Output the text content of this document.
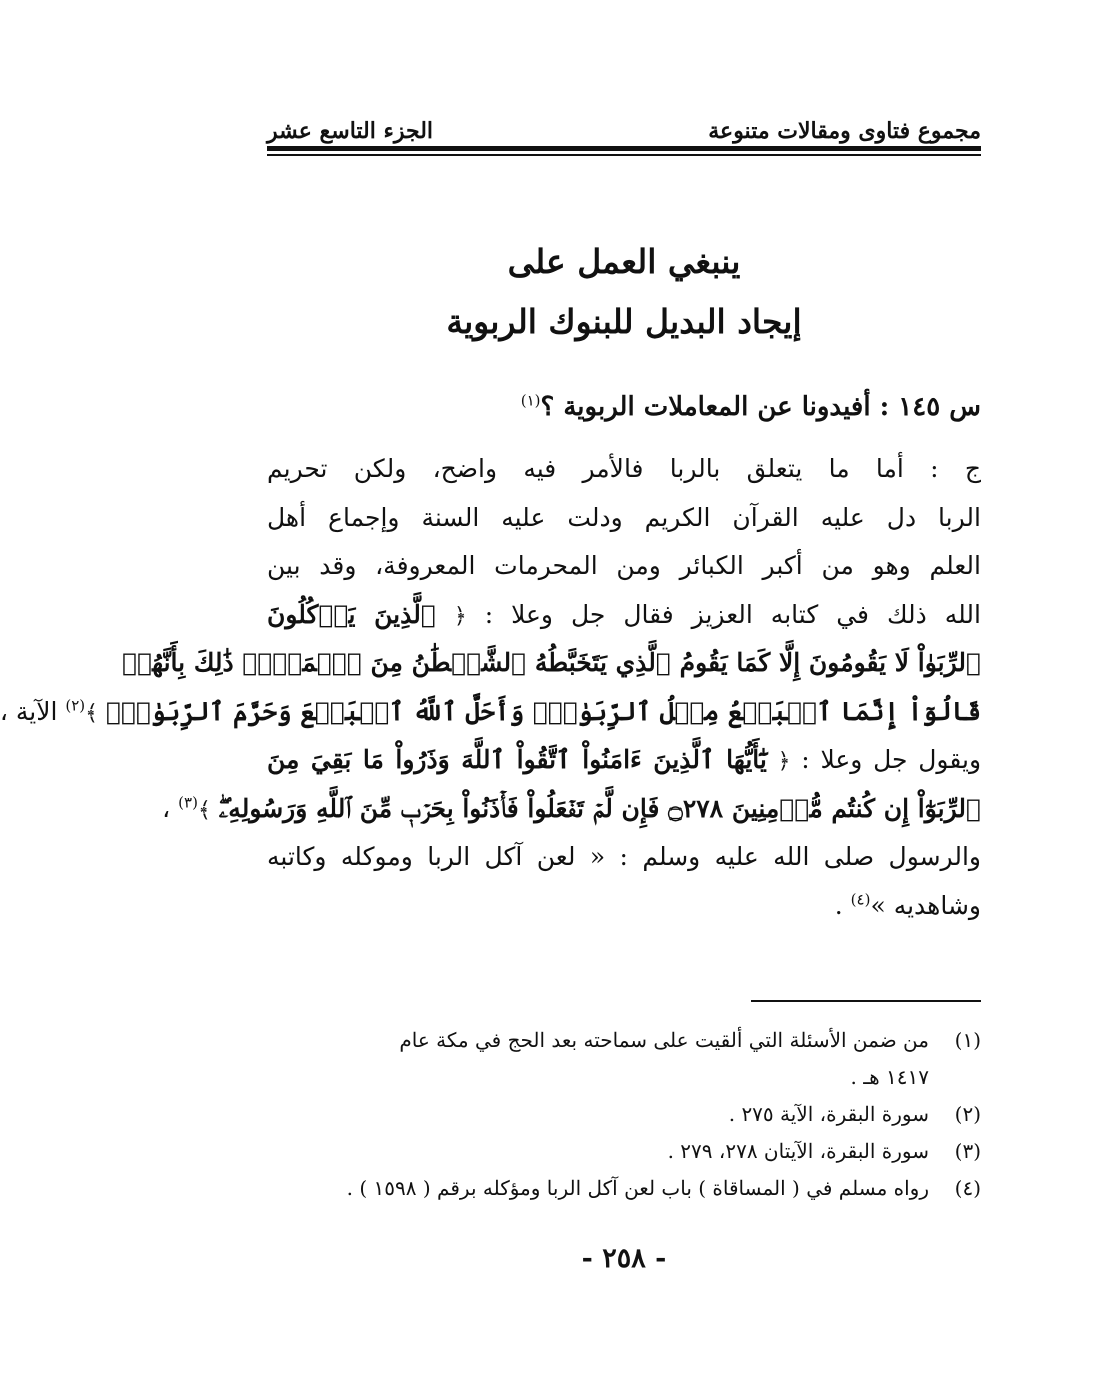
مجموع فتاوى ومقالات متنوعة
الجزء التاسع عشر
ينبغي العمل على
إيجاد البديل للبنوك الربوية
س ١٤٥ : أفيدونا عن المعاملات الربوية ؟$^{(١)}$
ج : أما ما يتعلق بالربا فالأمر فيه واضح، ولكن تحريم
الربا دل عليه القرآن الكريم ودلت عليه السنة وإجماع أهل
العلم وهو من أكبر الكبائر ومن المحرمات المعروفة، وقد بين
الله ذلك في كتابه العزيز فقال جل وعلا : ﴿ ٱلَّذِينَ يَأۡكُلُونَ
ٱلرِّبَوٰاْ لَا يَقُومُونَ إِلَّا كَمَا يَقُومُ ٱلَّذِي يَتَخَبَّطُهُ ٱلشَّيۡطَٰنُ مِنَ ٱلۡمَسِّۚ ذَٰلِكَ بِأَنَّهُمۡ
قَالُوٓاْ إِنَّمَا ٱلۡبَيۡعُ مِثۡلُ ٱلرِّبَوٰاْۗ وَأَحَلَّ ٱللَّهُ ٱلۡبَيۡعَ وَحَرَّمَ ٱلرِّبَوٰاْۚ ﴾$^{(٢)}$ الآية ،
ويقول جل وعلا : ﴿ يَٰٓأَيُّهَا ٱلَّذِينَ ءَامَنُواْ ٱتَّقُواْ ٱللَّهَ وَذَرُواْ مَا بَقِيَ مِنَ
ٱلرِّبَوٰٓاْ إِن كُنتُم مُّؤۡمِنِينَ ۝٢٧٨ فَإِن لَّمۡ تَفۡعَلُواْ فَأۡذَنُواْ بِحَرۡبٖ مِّنَ ٱللَّهِ وَرَسُولِهِۦۖ ﴾$^{(٣)}$ ،
والرسول صلى الله عليه وسلم : « لعن آكل الربا وموكله وكاتبه
وشاهديه »$^{(٤)}$ .
(١)
من ضمن الأسئلة التي ألقيت على سماحته بعد الحج في مكة عام
١٤١٧ هـ .
(٢)
سورة البقرة، الآية ٢٧٥ .
(٣)
سورة البقرة، الآيتان ٢٧٨، ٢٧٩ .
(٤)
رواه مسلم في ( المساقاة ) باب لعن آكل الربا ومؤكله برقم ( ١٥٩٨ ) .
- ٢٥٨ -
